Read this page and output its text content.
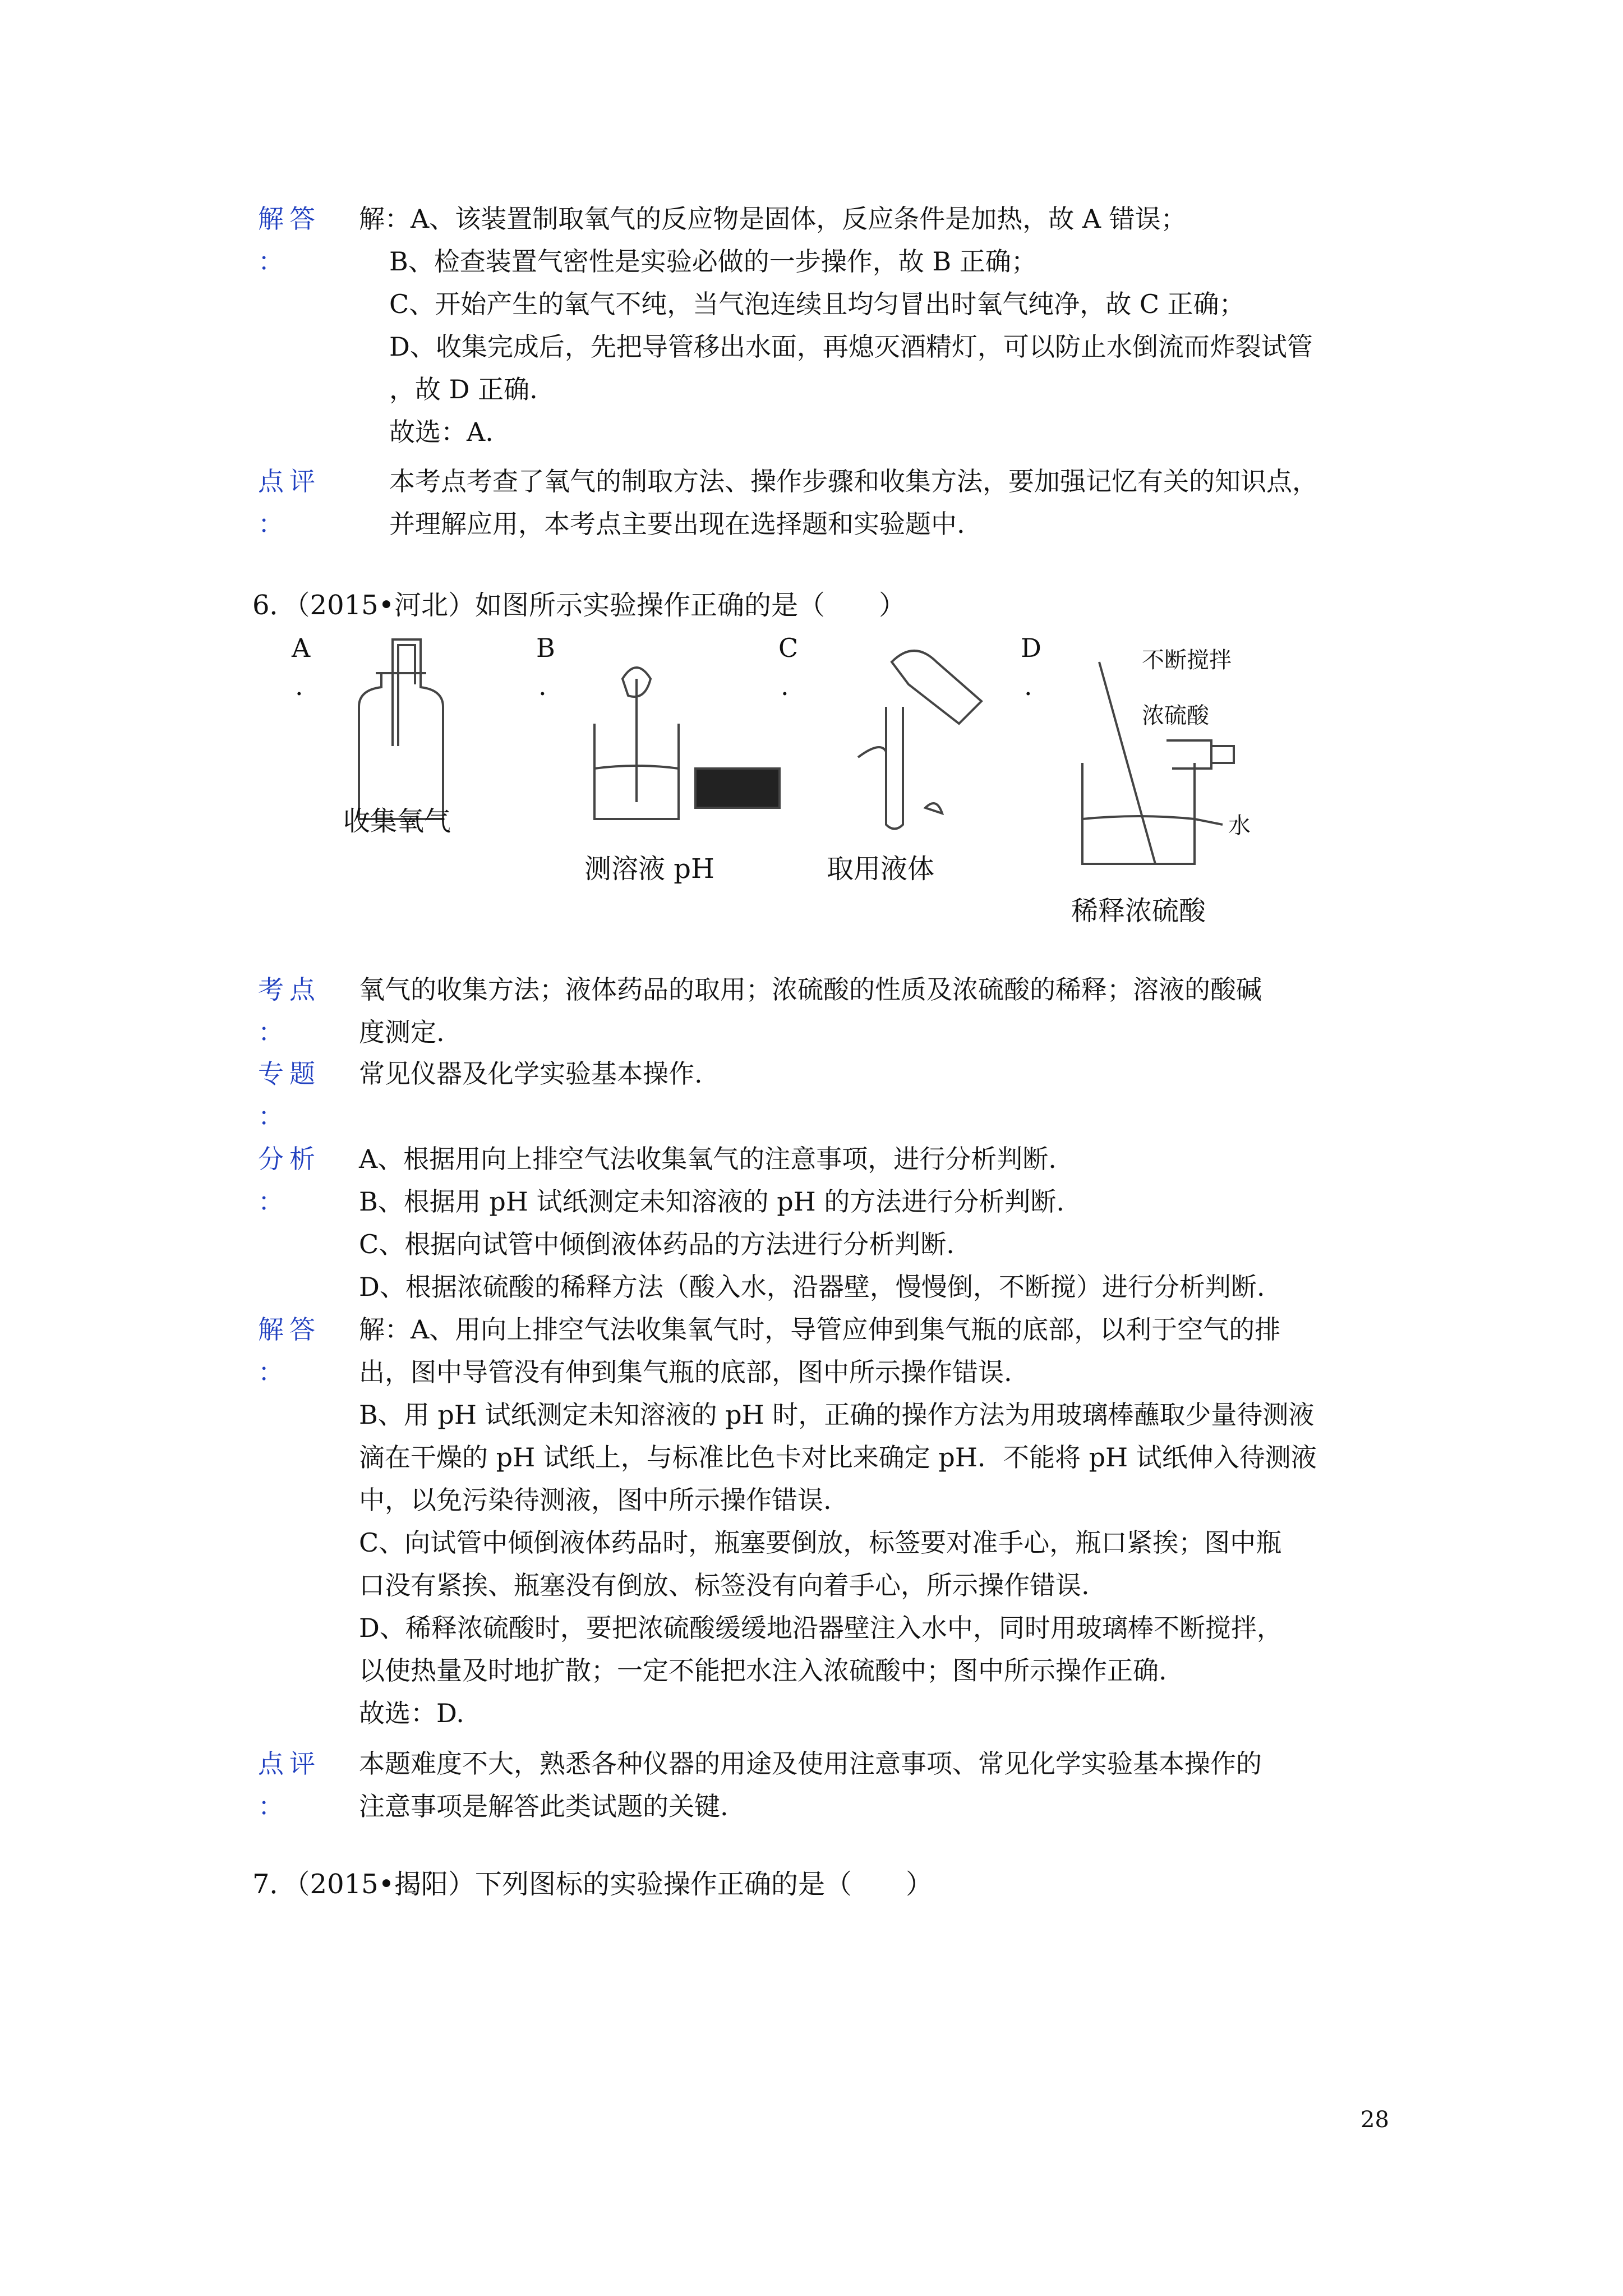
解答
：
解：A、该装置制取氧气的反应物是固体，反应条件是加热，故 A 错误；
B、检查装置气密性是实验必做的一步操作，故 B 正确；
C、开始产生的氧气不纯，当气泡连续且均匀冒出时氧气纯净，故 C 正确；
D、收集完成后，先把导管移出水面，再熄灭酒精灯，可以防止水倒流而炸裂试管
，故 D 正确.
故选：A.
点评
：
本考点考查了氧气的制取方法、操作步骤和收集方法，要加强记忆有关的知识点，
并理解应用，本考点主要出现在选择题和实验题中.
6．（2015•河北）如图所示实验操作正确的是（　　）
A
.
B
.
C
.
D
.
收集氧气
测溶液 pH	取用液体
不断搅拌
浓硫酸
水
稀释浓硫酸
考点
：
氧气的收集方法；液体药品的取用；浓硫酸的性质及浓硫酸的稀释；溶液的酸碱
度测定.
专题
：
常见仪器及化学实验基本操作.
分析
：
A、根据用向上排空气法收集氧气的注意事项，进行分析判断.
B、根据用 pH 试纸测定未知溶液的 pH 的方法进行分析判断.
C、根据向试管中倾倒液体药品的方法进行分析判断.
D、根据浓硫酸的稀释方法（酸入水，沿器壁，慢慢倒，不断搅）进行分析判断.
解答
：
解：A、用向上排空气法收集氧气时，导管应伸到集气瓶的底部，以利于空气的排
出，图中导管没有伸到集气瓶的底部，图中所示操作错误.
B、用 pH 试纸测定未知溶液的 pH 时，正确的操作方法为用玻璃棒蘸取少量待测液
滴在干燥的 pH 试纸上，与标准比色卡对比来确定 pH．不能将 pH 试纸伸入待测液
中，以免污染待测液，图中所示操作错误.
C、向试管中倾倒液体药品时，瓶塞要倒放，标签要对准手心，瓶口紧挨；图中瓶
口没有紧挨、瓶塞没有倒放、标签没有向着手心，所示操作错误.
D、稀释浓硫酸时，要把浓硫酸缓缓地沿器壁注入水中，同时用玻璃棒不断搅拌，
以使热量及时地扩散；一定不能把水注入浓硫酸中；图中所示操作正确.
故选：D.
点评
：
本题难度不大，熟悉各种仪器的用途及使用注意事项、常见化学实验基本操作的
注意事项是解答此类试题的关键.
7．（2015•揭阳）下列图标的实验操作正确的是（　　）
28
